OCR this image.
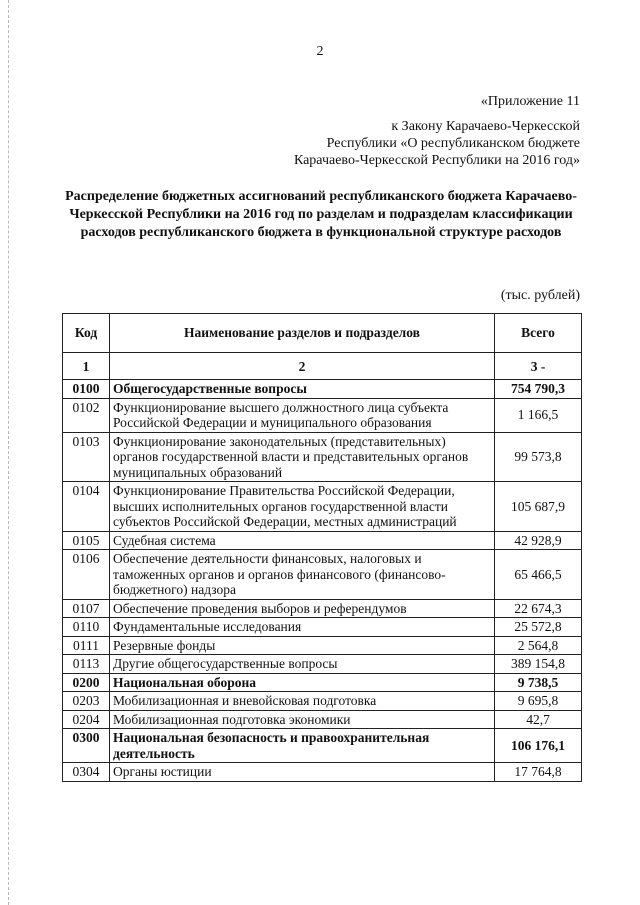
2
«Приложение 11
к Закону Карачаево-Черкесской
Республики «О республиканском бюджете
Карачаево-Черкесской Республики на 2016 год»
Распределение бюджетных ассигнований республиканского бюджета Карачаево-Черкесской Республики на 2016 год по разделам и подразделам классификации расходов республиканского бюджета в функциональной структуре расходов
(тыс. рублей)
Код	Наименование разделов и подразделов	Всего
1	2	3 -
0100	Общегосударственные вопросы	754 790,3
0102	Функционирование высшего должностного лица субъекта Российской Федерации и муниципального образования	1 166,5
0103	Функционирование законодательных (представительных) органов государственной власти и представительных органов муниципальных образований	99 573,8
0104	Функционирование Правительства Российской Федерации, высших исполнительных органов государственной власти субъектов Российской Федерации, местных администраций	105 687,9
0105	Судебная система	42 928,9
0106	Обеспечение деятельности финансовых, налоговых и таможенных органов и органов финансового (финансово-бюджетного) надзора	65 466,5
0107	Обеспечение проведения выборов и референдумов	22 674,3
0110	Фундаментальные исследования	25 572,8
0111	Резервные фонды	2 564,8
0113	Другие общегосударственные вопросы	389 154,8
0200	Национальная оборона	9 738,5
0203	Мобилизационная и вневойсковая подготовка	9 695,8
0204	Мобилизационная подготовка экономики	42,7
0300	Национальная безопасность и правоохранительная деятельность	106 176,1
0304	Органы юстиции	17 764,8
